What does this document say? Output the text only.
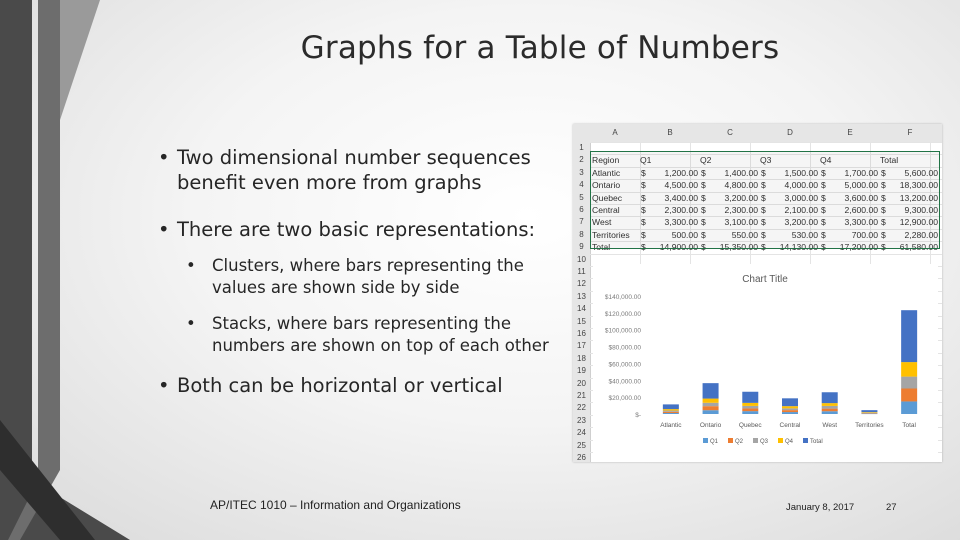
Graphs for a Table of Numbers
• Two dimensional number sequences benefit even more from graphs
• There are two basic representations:
• Clusters, where bars representing the values are shown side by side
• Stacks, where bars representing the numbers are shown on top of each other
• Both can be horizontal or vertical
A	B	C	D	E	F
1
2
3
4
5
6
7
8
9
10
11
12
13
14
15
16
17
18
19
20
21
22
23
24
25
26
Region	Q1	Q2	Q3	Q4	Total
Atlantic	$	1,200.00 $	1,400.00 $	1,500.00 $	1,700.00 $	5,600.00
Ontario	$	4,500.00 $	4,800.00 $	4,000.00 $	5,000.00 $	18,300.00
Quebec	$	3,400.00 $	3,200.00 $	3,000.00 $	3,600.00 $	13,200.00
Central	$	2,300.00 $	2,300.00 $	2,100.00 $	2,600.00 $	9,300.00
West	$	3,300.00 $	3,100.00 $	3,200.00 $	3,300.00 $	12,900.00
Territories	$	500.00 $	550.00 $	530.00 $	700.00 $	2,280.00
Total	$	14,900.00 $	15,350.00 $	14,130.00 $	17,200.00 $	61,580.00
Chart Title
$-
$20,000.00
$40,000.00
$60,000.00
$80,000.00
$100,000.00
$120,000.00
$140,000.00
Atlantic	Ontario	Quebec	Central	West	Territories	Total
Q1	Q2	Q3	Q4	Total
AP/ITEC 1010 – Information and Organizations	January 8, 2017	27
